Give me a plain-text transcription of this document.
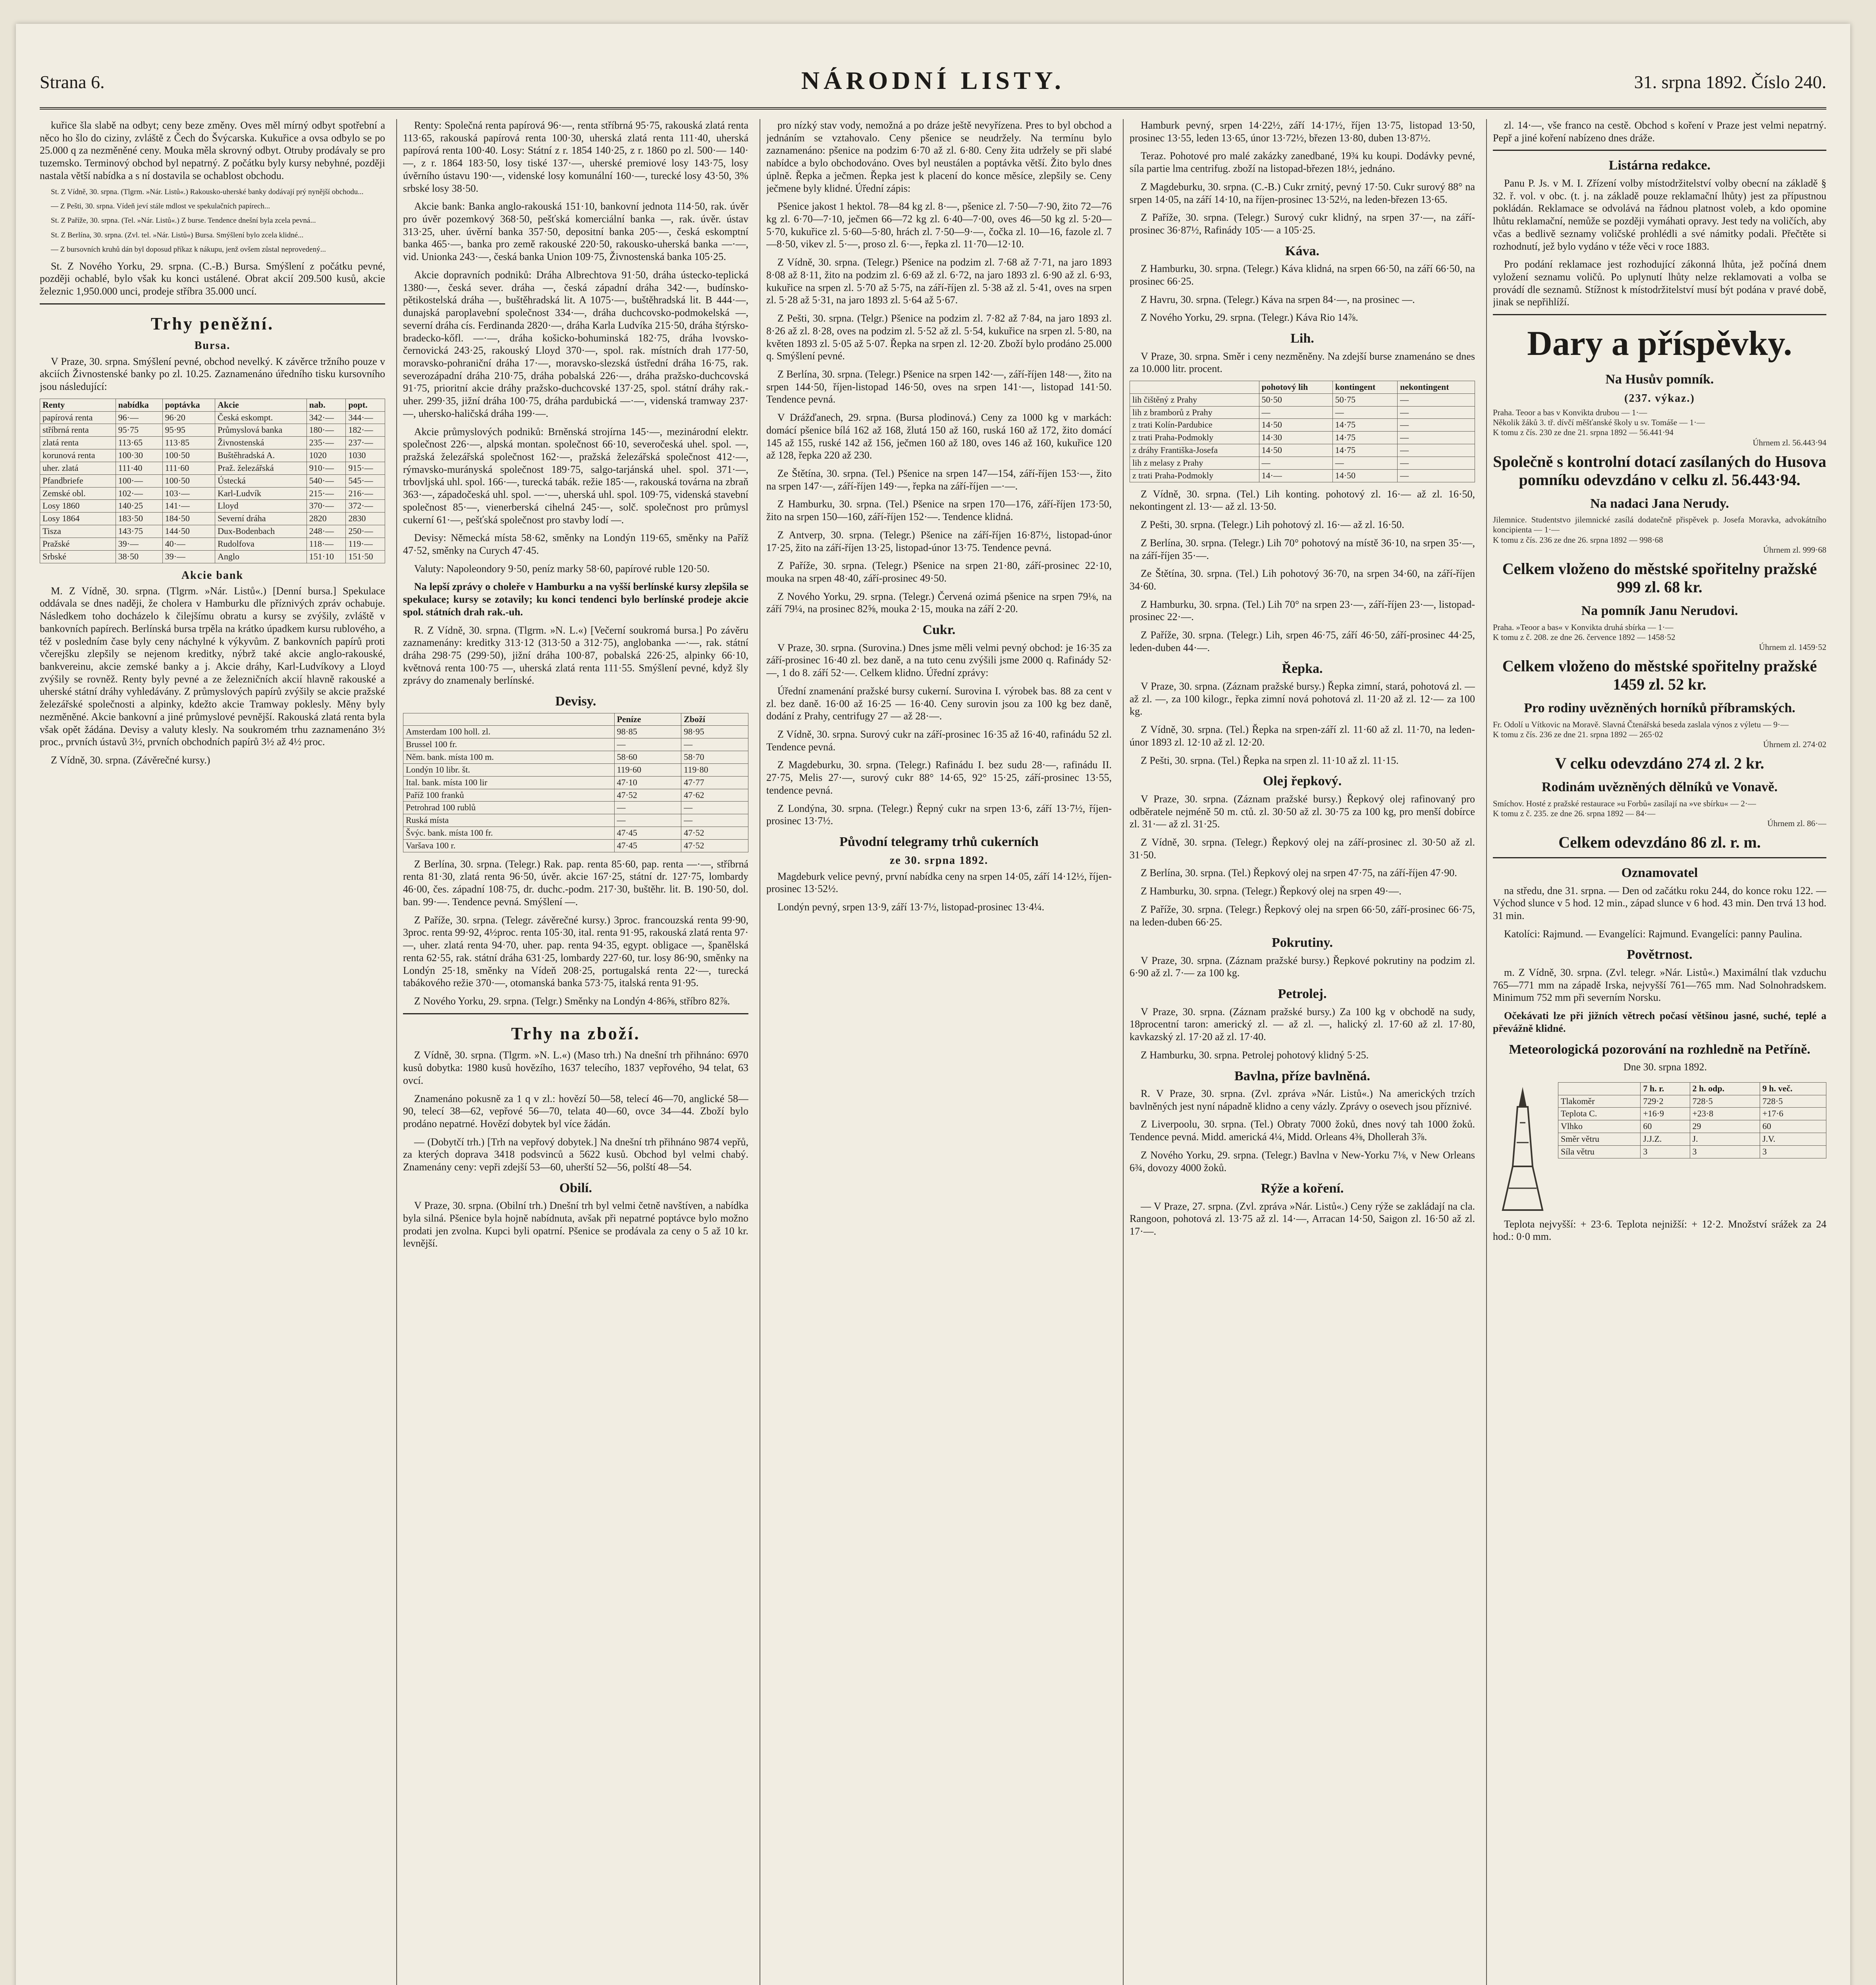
Strana 6.	NÁRODNÍ LISTY.	31. srpna 1892. Číslo 240.

kuřice šla slabě na odbyt; ceny beze změny. Oves měl mírný odbyt spotřební a něco ho šlo do ciziny, zvláště z Čech do Švýcarska. Kukuřice a ovsa odbylo se po 25.000 q za nezměněné ceny. Mouka měla skrovný odbyt. Otruby prodávaly se pro tuzemsko. Terminový obchod byl nepatrný. Z počátku byly kursy nebyhné, později nastala větší nabídka a s ní dostavila se ochablost obchodu.

St. Z Vídně, 30. srpna. (Tlgrm. »Nár. Listů«.) Rakousko-uherské banky dodávají prý nynější obchodu...

— Z Pešti, 30. srpna. Vídeň jeví stále mdlost ve spekulačních papírech...

St. Z Paříže, 30. srpna. (Tel. »Nár. Listů«.) Z burse. Tendence dnešní byla zcela pevná...

St. Z Berlína, 30. srpna. (Zvl. tel. »Nár. Listů«) Bursa. Smýšlení bylo zcela klidné...

— Z bursovních kruhů dán byl doposud příkaz k nákupu, jenž ovšem zůstal neprovedený...

St. Z Nového Yorku, 29. srpna. (C.-B.) Bursa. Smýšlení z počátku pevné, později ochablé, bylo však ku konci ustálené. Obrat akcií 209.500 kusů, akcie železnic 1,950.000 unci, prodeje stříbra 35.000 uncí.

Trhy peněžní.
Bursa.

V Praze, 30. srpna. Smýšlení pevné, obchod nevelký. K závěrce tržního pouze v akciích Živnostenské banky po zl. 10.25. Zaznamenáno úředního tisku kursovního jsou následující:

Renty	nabídka	poptávka	Akcie	nab.	popt.
papírová renta	96·—	96·20	Česká eskompt.	342·—	344·—
stříbrná renta	95·75	95·95	Průmyslová banka	180·—	182·—
zlatá renta	113·65	113·85	Živnostenská	235·—	237·—
korunová renta	100·30	100·50	Buštěhradská A.	1020	1030
uher. zlatá	111·40	111·60	Praž. železářská	910·—	915·—
Pfandbriefe	100·—	100·50	Ústecká	540·—	545·—
Zemské obl.	102·—	103·—	Karl-Ludvík	215·—	216·—
Losy 1860	140·25	141·—	Lloyd	370·—	372·—
Losy 1864	183·50	184·50	Severní dráha	2820	2830
Tisza	143·75	144·50	Dux-Bodenbach	248·—	250·—
Pražské	39·—	40·—	Rudolfova	118·—	119·—
Srbské	38·50	39·—	Anglo	151·10	151·50
Akcie bank

M. Z Vídně, 30. srpna. (Tlgrm. »Nár. Listů«.) [Denní bursa.] Spekulace oddávala se dnes naději, že cholera v Hamburku dle příznivých zpráv ochabuje. Následkem toho docházelo k čilejšímu obratu a kursy se zvýšily, zvláště v bankovních papírech. Berlínská bursa trpěla na krátko úpadkem kursu rublového, a též v posledním čase byly ceny náchylné k výkyvům. Z bankovních papírů proti včerejšku zlepšily se nejenom kreditky, nýbrž také akcie anglo-rakouské, bankvereinu, akcie zemské banky a j. Akcie dráhy, Karl-Ludvíkovy a Lloyd zvýšily se rovněž. Renty byly pevné a ze železničních akcií hlavně rakouské a uherské státní dráhy vyhledávány. Z průmyslových papírů zvýšily se akcie pražské železářské společnosti a alpinky, kdežto akcie Tramway poklesly. Měny byly nezměněné. Akcie bankovní a jiné průmyslové pevnější. Rakouská zlatá renta byla však opět žádána. Devisy a valuty klesly. Na soukromém trhu zaznamenáno 3½ proc., prvních ústavů 3½, prvních obchodních papírů 3½ až 4½ proc.

Z Vídně, 30. srpna. (Závěrečné kursy.)

Renty: Společná renta papírová 96·—, renta stříbrná 95·75, rakouská zlatá renta 113·65, rakouská papírová renta 100·30, uherská zlatá renta 111·40, uherská papírová renta 100·40. Losy: Státní z r. 1854 140·25, z r. 1860 po zl. 500·— 140·—, z r. 1864 183·50, losy tiské 137·—, uherské premiové losy 143·75, losy úvěrního ústavu 190·—, videnské losy komunální 160·—, turecké losy 43·50, 3% srbské losy 38·50.

Akcie bank: Banka anglo-rakouská 151·10, bankovní jednota 114·50, rak. úvěr pro úvěr pozemkový 368·50, pešťská komerciální banka —, rak. úvěr. ústav 313·25, uher. úvěrní banka 357·50, depositní banka 205·—, česká eskomptní banka 465·—, banka pro země rakouské 220·50, rakousko-uherská banka —·—, vid. Unionka 243·—, česká banka Union 109·75, Živnostenská banka 105·25.

Akcie dopravních podniků: Dráha Albrechtova 91·50, dráha ústecko-teplická 1380·—, česká sever. dráha —, česká západní dráha 342·—, budínsko-pětikostelská dráha —, buštěhradská lit. A 1075·—, buštěhradská lit. B 444·—, dunajská paroplavební společnost 334·—, dráha duchcovsko-podmokelská —, severní dráha cís. Ferdinanda 2820·—, dráha Karla Ludvíka 215·50, dráha štýrsko-bradecko-kőfl. —·—, dráha košicko-bohuminská 182·75, dráha lvovsko-černovická 243·25, rakouský Lloyd 370·—, spol. rak. místních drah 177·50, moravsko-pohraniční dráha 17·—, moravsko-slezská ústřední dráha 16·75, rak. severozápadní dráha 210·75, dráha pobalská 226·—, dráha pražsko-duchcovská 91·75, prioritní akcie dráhy pražsko-duchcovské 137·25, spol. státní dráhy rak.-uher. 299·35, jižní dráha 100·75, dráha pardubická —·—, videnská tramway 237·—, uhersko-haličská dráha 199·—.

Akcie průmyslových podniků: Brněnská strojírna 145·—, mezinárodní elektr. společnost 226·—, alpská montan. společnost 66·10, severočeská uhel. spol. —, pražská železářská společnost 162·—, pražská železářská společnost 412·—, rýmavsko-murányská společnost 189·75, salgo-tarjánská uhel. spol. 371·—, trbovljská uhl. spol. 166·—, turecká tabák. režie 185·—, rakouská továrna na zbraň 363·—, západočeská uhl. spol. —·—, uherská uhl. spol. 109·75, videnská stavební společnost 85·—, vienerberská cihelná 245·—, solč. společnost pro průmysl cukerní 61·—, pešťská společnost pro stavby lodí —.

Devisy: Německá místa 58·62, směnky na Londýn 119·65, směnky na Paříž 47·52, směnky na Curych 47·45.

Valuty: Napoleondory 9·50, peníz marky 58·60, papírové ruble 120·50.

Na lepší zprávy o choleře v Hamburku a na vyšší berlínské kursy zlepšila se spekulace; kursy se zotavily; ku konci tendenci bylo berlínské prodeje akcie spol. státních drah rak.-uh.

R. Z Vídně, 30. srpna. (Tlgrm. »N. L.«) [Večerní soukromá bursa.] Po závěru zaznamenány: kreditky 313·12 (313·50 a 312·75), anglobanka —·—, rak. státní dráha 298·75 (299·50), jižní dráha 100·87, pobalská 226·25, alpinky 66·10, květnová renta 100·75 —, uherská zlatá renta 111·55. Smýšlení pevné, když šly zprávy do znamenaly berlínské.

Devisy.
	Peníze	Zboží
Amsterdam 100 holl. zl.	98·85	98·95
Brussel 100 fr.	—	—
Něm. bank. místa 100 m.	58·60	58·70
Londýn 10 libr. št.	119·60	119·80
Ital. bank. místa 100 lir	47·10	47·77
Paříž 100 franků	47·52	47·62
Petrohrad 100 rublů	—	—
Ruská místa	—	—
Švýc. bank. místa 100 fr.	47·45	47·52
Varšava 100 r.	47·45	47·52

Z Berlína, 30. srpna. (Telegr.) Rak. pap. renta 85·60, pap. renta —·—, stříbrná renta 81·30, zlatá renta 96·50, úvěr. akcie 167·25, státní dr. 127·75, lombardy 46·00, čes. západní 108·75, dr. duchc.-podm. 217·30, buštěhr. lit. B. 190·50, dol. ban. 99·—. Tendence pevná. Smýšlení —.

Z Paříže, 30. srpna. (Telegr. závěrečné kursy.) 3proc. francouzská renta 99·90, 3proc. renta 99·92, 4½proc. renta 105·30, ital. renta 91·95, rakouská zlatá renta 97·—, uher. zlatá renta 94·70, uher. pap. renta 94·35, egypt. obligace —, španělská renta 62·55, rak. státní dráha 631·25, lombardy 227·60, tur. losy 86·90, směnky na Londýn 25·18, směnky na Vídeň 208·25, portugalská renta 22·—, turecká tabákového režie 370·—, otomanská banka 573·75, italská renta 91·95.

Z Nového Yorku, 29. srpna. (Telgr.) Směnky na Londýn 4·86⅝, stříbro 82⅞.

Trhy na zboží.

Z Vídně, 30. srpna. (Tlgrm. »N. L.«) (Maso trh.) Na dnešní trh přihnáno: 6970 kusů dobytka: 1980 kusů hovězího, 1637 telecího, 1837 vepřového, 94 telat, 63 ovcí.

Znamenáno pokusně za 1 q v zl.: hovězí 50—58, telecí 46—70, anglické 58—90, telecí 38—62, vepřové 56—70, telata 40—60, ovce 34—44. Zboží bylo prodáno nepatrné. Hovězí dobytek byl více žádán.

— (Dobytčí trh.) [Trh na vepřový dobytek.] Na dnešní trh přihnáno 9874 vepřů, za kterých doprava 3418 podsvinců a 5622 kusů. Obchod byl velmi chabý. Znamenány ceny: vepři zdejší 53—60, uherští 52—56, polští 48—54.

Obilí.

V Praze, 30. srpna. (Obilní trh.) Dnešní trh byl velmi četně navštíven, a nabídka byla silná. Pšenice byla hojně nabídnuta, avšak při nepatrné poptávce bylo možno prodati jen zvolna. Kupci byli opatrní. Pšenice se prodávala za ceny o 5 až 10 kr. levnější.

pro nízký stav vody, nemožná a po dráze ještě nevyřízena. Pres to byl obchod a jednáním se vztahovalo. Ceny pšenice se neudržely. Na termínu bylo zaznamenáno: pšenice na podzim 6·70 až zl. 6·80. Ceny žita udržely se při slabé nabídce a bylo obchodováno. Oves byl neustálen a poptávka větší. Žito bylo dnes úplně. Řepka a ječmen. Řepka jest k placení do konce měsíce, zlepšily se. Ceny ječmene byly klidné. Úřední zápis:

Pšenice jakost 1 hektol. 78—84 kg zl. 8·—, pšenice zl. 7·50—7·90, žito 72—76 kg zl. 6·70—7·10, ječmen 66—72 kg zl. 6·40—7·00, oves 46—50 kg zl. 5·20—5·70, kukuřice zl. 5·60—5·80, hrách zl. 7·50—9·—, čočka zl. 10—16, fazole zl. 7—8·50, vikev zl. 5·—, proso zl. 6·—, řepka zl. 11·70—12·10.

Z Vídně, 30. srpna. (Telegr.) Pšenice na podzim zl. 7·68 až 7·71, na jaro 1893 8·08 až 8·11, žito na podzim zl. 6·69 až zl. 6·72, na jaro 1893 zl. 6·90 až zl. 6·93, kukuřice na srpen zl. 5·70 až 5·75, na září-říjen zl. 5·38 až zl. 5·41, oves na srpen zl. 5·28 až 5·31, na jaro 1893 zl. 5·64 až 5·67.

Z Pešti, 30. srpna. (Telgr.) Pšenice na podzim zl. 7·82 až 7·84, na jaro 1893 zl. 8·26 až zl. 8·28, oves na podzim zl. 5·52 až zl. 5·54, kukuřice na srpen zl. 5·80, na květen 1893 zl. 5·05 až 5·07. Řepka na srpen zl. 12·20. Zboží bylo prodáno 25.000 q. Smýšlení pevné.

Z Berlína, 30. srpna. (Telegr.) Pšenice na srpen 142·—, září-říjen 148·—, žito na srpen 144·50, říjen-listopad 146·50, oves na srpen 141·—, listopad 141·50. Tendence pevná.

V Drážďanech, 29. srpna. (Bursa plodinová.) Ceny za 1000 kg v markách: domácí pšenice bílá 162 až 168, žlutá 150 až 160, ruská 160 až 172, žito domácí 145 až 155, ruské 142 až 156, ječmen 160 až 180, oves 146 až 160, kukuřice 120 až 128, řepka 220 až 230.

Ze Štětína, 30. srpna. (Tel.) Pšenice na srpen 147—154, září-říjen 153·—, žito na srpen 147·—, září-říjen 149·—, řepka na září-říjen —·—.

Z Hamburku, 30. srpna. (Tel.) Pšenice na srpen 170—176, září-říjen 173·50, žito na srpen 150—160, září-říjen 152·—. Tendence klidná.

Z Antverp, 30. srpna. (Telegr.) Pšenice na září-říjen 16·87½, listopad-únor 17·25, žito na září-říjen 13·25, listopad-únor 13·75. Tendence pevná.

Z Paříže, 30. srpna. (Telegr.) Pšenice na srpen 21·80, září-prosinec 22·10, mouka na srpen 48·40, září-prosinec 49·50.

Z Nového Yorku, 29. srpna. (Telegr.) Červená ozimá pšenice na srpen 79⅛, na září 79¼, na prosinec 82⅝, mouka 2·15, mouka na září 2·20.

Cukr.

V Praze, 30. srpna. (Surovina.) Dnes jsme měli velmi pevný obchod: je 16·35 za září-prosinec 16·40 zl. bez daně, a na tuto cenu zvýšili jsme 2000 q. Rafinády 52·—, 1 do 8. září 52·—. Celkem klidno. Úřední zprávy:

Úřední znamenání pražské bursy cukerní. Surovina I. výrobek bas. 88 za cent v zl. bez daně. 16·00 až 16·25 — 16·40. Ceny surovin jsou za 100 kg bez daně, dodání z Prahy, centrifugy 27 — až 28·—.

Z Vídně, 30. srpna. Surový cukr na září-prosinec 16·35 až 16·40, rafinádu 52 zl. Tendence pevná.

Z Magdeburku, 30. srpna. (Telegr.) Rafinádu I. bez sudu 28·—, rafinádu II. 27·75, Melis 27·—, surový cukr 88° 14·65, 92° 15·25, září-prosinec 13·55, tendence pevná.

Z Londýna, 30. srpna. (Telegr.) Řepný cukr na srpen 13·6, září 13·7½, říjen-prosinec 13·7½.

Původní telegramy trhů cukerních
ze 30. srpna 1892.

Magdeburk velice pevný, první nabídka ceny na srpen 14·05, září 14·12½, říjen-prosinec 13·52½.

Londýn pevný, srpen 13·9, září 13·7½, listopad-prosinec 13·4¼.

Hamburk pevný, srpen 14·22½, září 14·17½, říjen 13·75, listopad 13·50, prosinec 13·55, leden 13·65, únor 13·72½, březen 13·80, duben 13·87½.

Teraz. Pohotové pro malé zakázky zanedbané, 19¾ ku koupi. Dodávky pevné, síla partie lma centrifug. zboží na listopad-březen 18½, jednáno.

Z Magdeburku, 30. srpna. (C.-B.) Cukr zrnitý, pevný 17·50. Cukr surový 88° na srpen 14·05, na září 14·10, na říjen-prosinec 13·52½, na leden-březen 13·65.

Z Paříže, 30. srpna. (Telegr.) Surový cukr klidný, na srpen 37·—, na září-prosinec 36·87½, Rafinády 105·— a 105·25.

Káva.

Z Hamburku, 30. srpna. (Telegr.) Káva klidná, na srpen 66·50, na září 66·50, na prosinec 66·25.

Z Havru, 30. srpna. (Telegr.) Káva na srpen 84·—, na prosinec —.

Z Nového Yorku, 29. srpna. (Telegr.) Káva Rio 14⅞.

Lih.

V Praze, 30. srpna. Směr i ceny nezměněny. Na zdejší burse znamenáno se dnes za 10.000 litr. procent.

	pohotový lih	kontingent	nekontingent
lih čištěný z Prahy	50·50	50·75	—
lih z bramborů z Prahy	—	—	—
z trati Kolín-Pardubice	14·50	14·75	—
z trati Praha-Podmokly	14·30	14·75	—
z dráhy Františka-Josefa	14·50	14·75	—
lih z melasy z Prahy	—	—	—
z trati Praha-Podmokly	14·—	14·50	—

Z Vídně, 30. srpna. (Tel.) Lih konting. pohotový zl. 16·— až zl. 16·50, nekontingent zl. 13·— až zl. 13·50.

Z Pešti, 30. srpna. (Telegr.) Lih pohotový zl. 16·— až zl. 16·50.

Z Berlína, 30. srpna. (Telegr.) Lih 70° pohotový na místě 36·10, na srpen 35·—, na září-říjen 35·—.

Ze Štětína, 30. srpna. (Tel.) Lih pohotový 36·70, na srpen 34·60, na září-říjen 34·60.

Z Hamburku, 30. srpna. (Tel.) Lih 70° na srpen 23·—, září-říjen 23·—, listopad-prosinec 22·—.

Z Paříže, 30. srpna. (Telegr.) Lih, srpen 46·75, září 46·50, září-prosinec 44·25, leden-duben 44·—.

Řepka.

V Praze, 30. srpna. (Záznam pražské bursy.) Řepka zimní, stará, pohotová zl. — až zl. —, za 100 kilogr., řepka zimní nová pohotová zl. 11·20 až zl. 12·— za 100 kg.

Z Vídně, 30. srpna. (Tel.) Řepka na srpen-září zl. 11·60 až zl. 11·70, na leden-únor 1893 zl. 12·10 až zl. 12·20.

Z Pešti, 30. srpna. (Tel.) Řepka na srpen zl. 11·10 až zl. 11·15.

Olej řepkový.

V Praze, 30. srpna. (Záznam pražské bursy.) Řepkový olej rafinovaný pro odběratele nejméně 50 m. ctů. zl. 30·50 až zl. 30·75 za 100 kg, pro menší dobírce zl. 31·— až zl. 31·25.

Z Vídně, 30. srpna. (Telegr.) Řepkový olej na září-prosinec zl. 30·50 až zl. 31·50.

Z Berlína, 30. srpna. (Tel.) Řepkový olej na srpen 47·75, na září-říjen 47·90.

Z Hamburku, 30. srpna. (Telegr.) Řepkový olej na srpen 49·—.

Z Paříže, 30. srpna. (Telegr.) Řepkový olej na srpen 66·50, září-prosinec 66·75, na leden-duben 66·25.

Pokrutiny.

V Praze, 30. srpna. (Záznam pražské bursy.) Řepkové pokrutiny na podzim zl. 6·90 až zl. 7·— za 100 kg.

Petrolej.

V Praze, 30. srpna. (Záznam pražské bursy.) Za 100 kg v obchodě na sudy, 18procentní taron: americký zl. — až zl. —, halický zl. 17·60 až zl. 17·80, kavkazský zl. 17·20 až zl. 17·40.

Z Hamburku, 30. srpna. Petrolej pohotový klidný 5·25.

Bavlna, příze bavlněná.

R. V Praze, 30. srpna. (Zvl. zpráva »Nár. Listů«.) Na amerických trzích bavlněných jest nyní nápadně klidno a ceny vázly. Zprávy o osevech jsou příznivé.

Z Liverpoolu, 30. srpna. (Tel.) Obraty 7000 žoků, dnes nový tah 1000 žoků. Tendence pevná. Midd. americká 4¼, Midd. Orleans 4⅜, Dhollerah 3⅞.

Z Nového Yorku, 29. srpna. (Telegr.) Bavlna v New-Yorku 7⅛, v New Orleans 6¾, dovozy 4000 žoků.

Rýže a koření.

— V Praze, 27. srpna. (Zvl. zpráva »Nár. Listů«.) Ceny rýže se zakládají na cla. Rangoon, pohotová zl. 13·75 až zl. 14·—, Arracan 14·50, Saigon zl. 16·50 až zl. 17·—.

zl. 14·—, vše franco na cestě. Obchod s koření v Praze jest velmi nepatrný. Pepř a jiné koření nabízeno dnes dráže.

Listárna redakce.

Panu P. Js. v M. I. Zřízení volby místodržitelství volby obecní na základě § 32. ř. vol. v obc. (t. j. na základě pouze reklamační lhůty) jest za přípustnou pokládán. Reklamace se odvolává na řádnou platnost voleb, a kdo opomine lhůtu reklamační, nemůže se později vymáhati opravy. Jest tedy na voličích, aby včas a bedlivě seznamy voličské prohlédli a své námitky podali. Přečtěte si rozhodnutí, jež bylo vydáno v téže věci v roce 1883.

Pro podání reklamace jest rozhodující zákonná lhůta, jež počíná dnem vyložení seznamu voličů. Po uplynutí lhůty nelze reklamovati a volba se provádí dle seznamů. Stížnost k místodržitelství musí být podána v pravé době, jinak se nepřihlíží.

Dary a příspěvky.
Na Husův pomník.
(237. výkaz.)
Praha. Teoor a bas v Konvikta drubou — 1·—
Několik žáků 3. tř. dívčí měšťanské školy u sv. Tomáše — 1·—
K tomu z čís. 230 ze dne 21. srpna 1892 — 56.441·94
Úhrnem zl. 56.443·94
Společně s kontrolní dotací zasílaných do Husova pomníku odevzdáno v celku zl. 56.443·94.
Na nadaci Jana Nerudy.
Jilemnice. Studentstvo jilemnické zasílá dodatečně přispěvek p. Josefa Moravka, advokátního koncipienta — 1·—
K tomu z čís. 236 ze dne 26. srpna 1892 — 998·68
Úhrnem zl. 999·68
Celkem vloženo do městské spořitelny pražské 999 zl. 68 kr.
Na pomník Janu Nerudovi.
Praha. »Teoor a bas« v Konvikta druhá sbírka — 1·—
K tomu z č. 208. ze dne 26. července 1892 — 1458·52
Úhrnem zl. 1459·52
Celkem vloženo do městské spořitelny pražské 1459 zl. 52 kr.
Pro rodiny uvězněných horníků příbramských.
Fr. Odolí u Vítkovic na Moravě. Slavná Čtenářská beseda zaslala výnos z výletu — 9·—
K tomu z čís. 236 ze dne 21. srpna 1892 — 265·02
Úhrnem zl. 274·02
V celku odevzdáno 274 zl. 2 kr.
Rodinám uvězněných dělníků ve Vonavě.
Smíchov. Hosté z pražské restaurace »u Forbů« zasílají na »ve sbírku« — 2·—
K tomu z č. 235. ze dne 26. srpna 1892 — 84·—
Úhrnem zl. 86·—
Celkem odevzdáno 86 zl. r. m.
Oznamovatel

na středu, dne 31. srpna. — Den od začátku roku 244, do konce roku 122. — Východ slunce v 5 hod. 12 min., západ slunce v 6 hod. 43 min. Den trvá 13 hod. 31 min.

Katolíci: Rajmund. — Evangelíci: Rajmund. Evangelíci: panny Paulina.

Povětrnost.

m. Z Vídně, 30. srpna. (Zvl. telegr. »Nár. Listů«.) Maximální tlak vzduchu 765—771 mm na západě Irska, nejvyšší 761—765 mm. Nad Solnohradskem. Minimum 752 mm při severním Norsku.

Očekávati lze při jižních větrech počasí většinou jasné, suché, teplé a převážně klidné.

Meteorologická pozorování na rozhledně na Petříně.

Dne 30. srpna 1892.

	7 h. r.	2 h. odp.	9 h. več.
Tlakoměr	729·2	728·5	728·5
Teplota C.	+16·9	+23·8	+17·6
Vlhko	60	29	60
Směr větru	J.J.Z.	J.	J.V.
Síla větru	3	3	3

Teplota nejvyšší: + 23·6. Teplota nejnižší: + 12·2. Množství srážek za 24 hod.: 0·0 mm.
